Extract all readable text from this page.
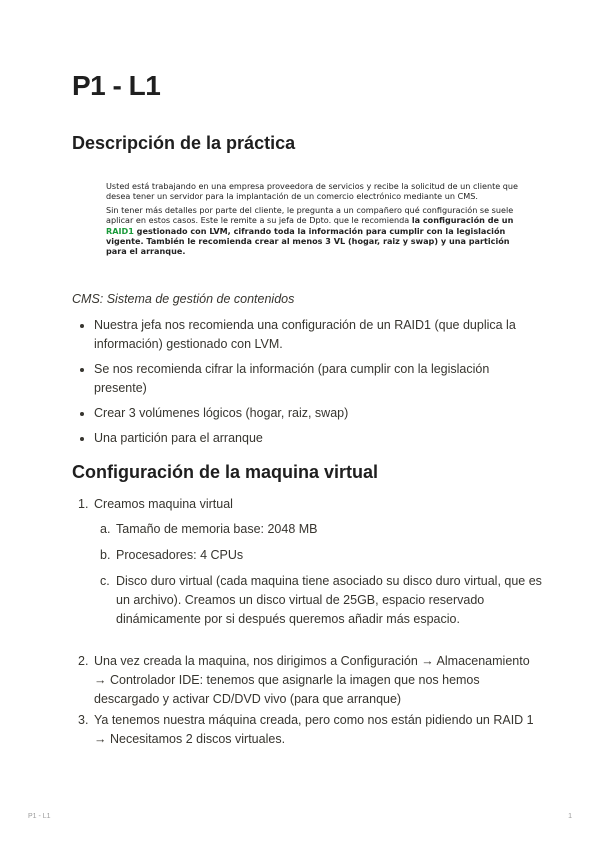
P1 - L1
Descripción de la práctica

Usted está trabajando en una empresa proveedora de servicios y recibe la solicitud de un cliente que desea tener un servidor para la implantación de un comercio electrónico mediante un CMS.

Sin tener más detalles por parte del cliente, le pregunta a un compañero qué configuración se suele aplicar en estos casos. Este le remite a su jefa de Dpto. que le recomienda la configuración de un RAID1 gestionado con LVM, cifrando toda la información para cumplir con la legislación vigente. También le recomienda crear al menos 3 VL (hogar, raiz y swap) y una partición para el arranque.

CMS: Sistema de gestión de contenidos
Nuestra jefa nos recomienda una configuración de un RAID1 (que duplica la información) gestionado con LVM.
Se nos recomienda cifrar la información (para cumplir con la legislación presente)
Crear 3 volúmenes lógicos (hogar, raiz, swap)
Una partición para el arranque
Configuración de la maquina virtual
1. Creamos maquina virtual
a. Tamaño de memoria base: 2048 MB
b. Procesadores: 4 CPUs
c. Disco duro virtual (cada maquina tiene asociado su disco duro virtual, que es un archivo). Creamos un disco virtual de 25GB, espacio reservado dinámicamente por si después queremos añadir más espacio.
2. Una vez creada la maquina, nos dirigimos a Configuración → Almacenamiento → Controlador IDE: tenemos que asignarle la imagen que nos hemos descargado y activar CD/DVD vivo (para que arranque)
3. Ya tenemos nuestra máquina creada, pero como nos están pidiendo un RAID 1 → Necesitamos 2 discos virtuales.
P1 - L1	1
